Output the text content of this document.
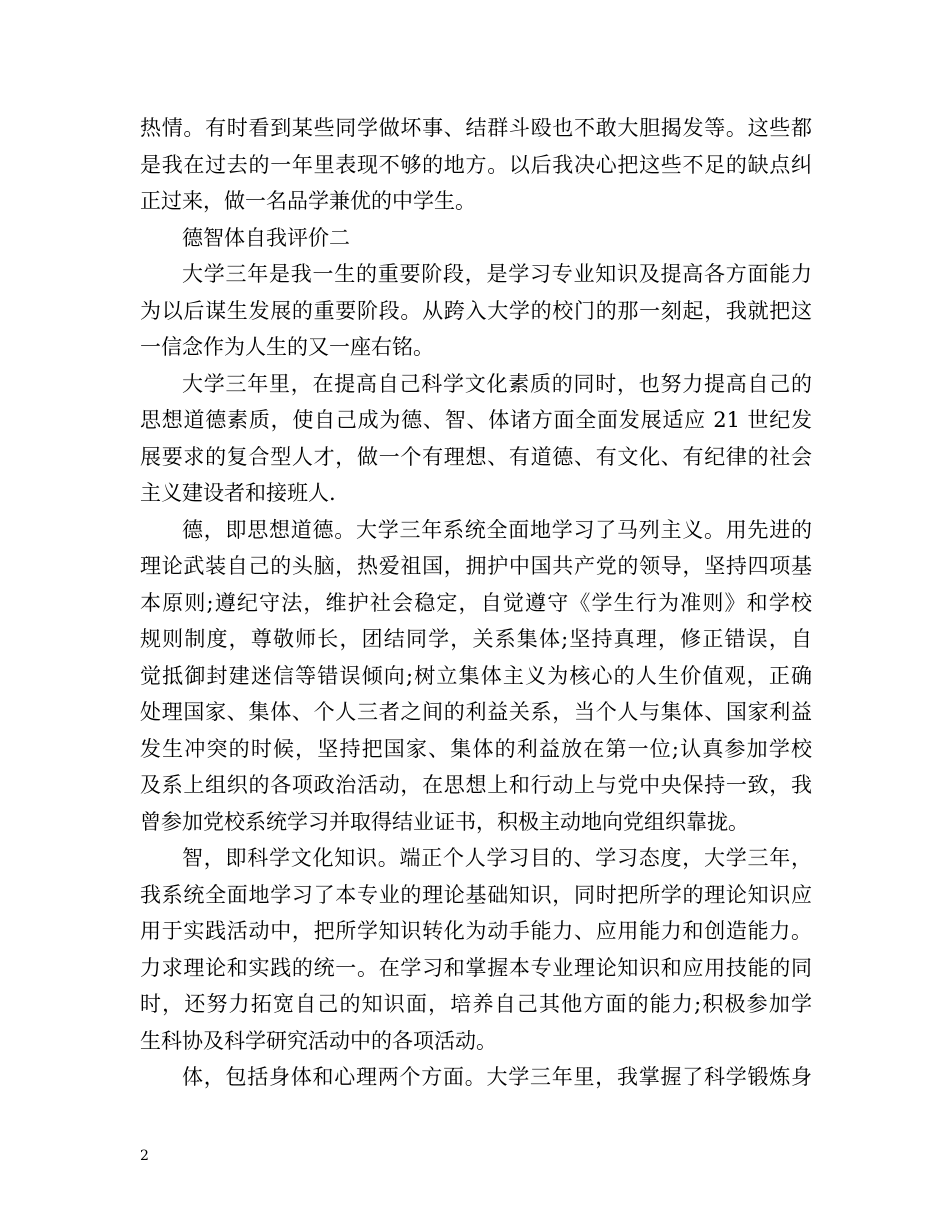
热情。有时看到某些同学做坏事、结群斗殴也不敢大胆揭发等。这些都
是我在过去的一年里表现不够的地方。以后我决心把这些不足的缺点纠
正过来，做一名品学兼优的中学生。
德智体自我评价二
大学三年是我一生的重要阶段，是学习专业知识及提高各方面能力
为以后谋生发展的重要阶段。从跨入大学的校门的那一刻起，我就把这
一信念作为人生的又一座右铭。
大学三年里，在提高自己科学文化素质的同时，也努力提高自己的
思想道德素质，使自己成为德、智、体诸方面全面发展适应 21 世纪发
展要求的复合型人才，做一个有理想、有道德、有文化、有纪律的社会
主义建设者和接班人.
德，即思想道德。大学三年系统全面地学习了马列主义。用先进的
理论武装自己的头脑，热爱祖国，拥护中国共产党的领导，坚持四项基
本原则;遵纪守法，维护社会稳定，自觉遵守《学生行为准则》和学校
规则制度，尊敬师长，团结同学，关系集体;坚持真理，修正错误，自
觉抵御封建迷信等错误倾向;树立集体主义为核心的人生价值观，正确
处理国家、集体、个人三者之间的利益关系，当个人与集体、国家利益
发生冲突的时候，坚持把国家、集体的利益放在第一位;认真参加学校
及系上组织的各项政治活动，在思想上和行动上与党中央保持一致，我
曾参加党校系统学习并取得结业证书，积极主动地向党组织靠拢。
智，即科学文化知识。端正个人学习目的、学习态度，大学三年，
我系统全面地学习了本专业的理论基础知识，同时把所学的理论知识应
用于实践活动中，把所学知识转化为动手能力、应用能力和创造能力。
力求理论和实践的统一。在学习和掌握本专业理论知识和应用技能的同
时，还努力拓宽自己的知识面，培养自己其他方面的能力;积极参加学
生科协及科学研究活动中的各项活动。
体，包括身体和心理两个方面。大学三年里，我掌握了科学锻炼身
2
